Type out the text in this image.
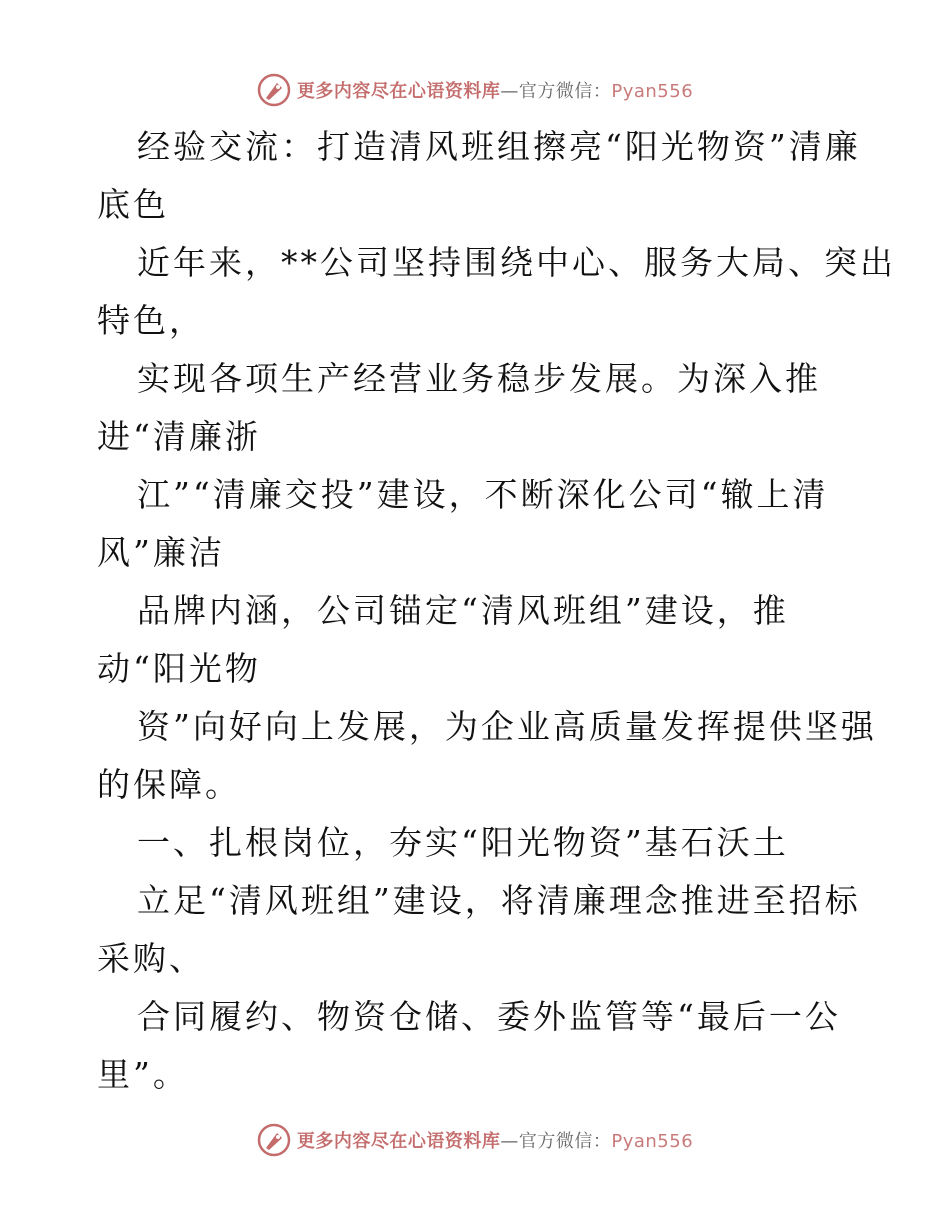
更多内容尽在心语资料库—官方微信：Pyan556

经验交流：打造清风班组擦亮“阳光物资”清廉

底色

近年来，**公司坚持围绕中心、服务大局、突出

特色，

实现各项生产经营业务稳步发展。为深入推

进“清廉浙

江”“清廉交投”建设，不断深化公司“辙上清

风”廉洁

品牌内涵，公司锚定“清风班组”建设，推

动“阳光物

资”向好向上发展，为企业高质量发挥提供坚强

的保障。

一、扎根岗位，夯实“阳光物资”基石沃土

立足“清风班组”建设，将清廉理念推进至招标

采购、

合同履约、物资仓储、委外监管等“最后一公

里”。

更多内容尽在心语资料库—官方微信：Pyan556
